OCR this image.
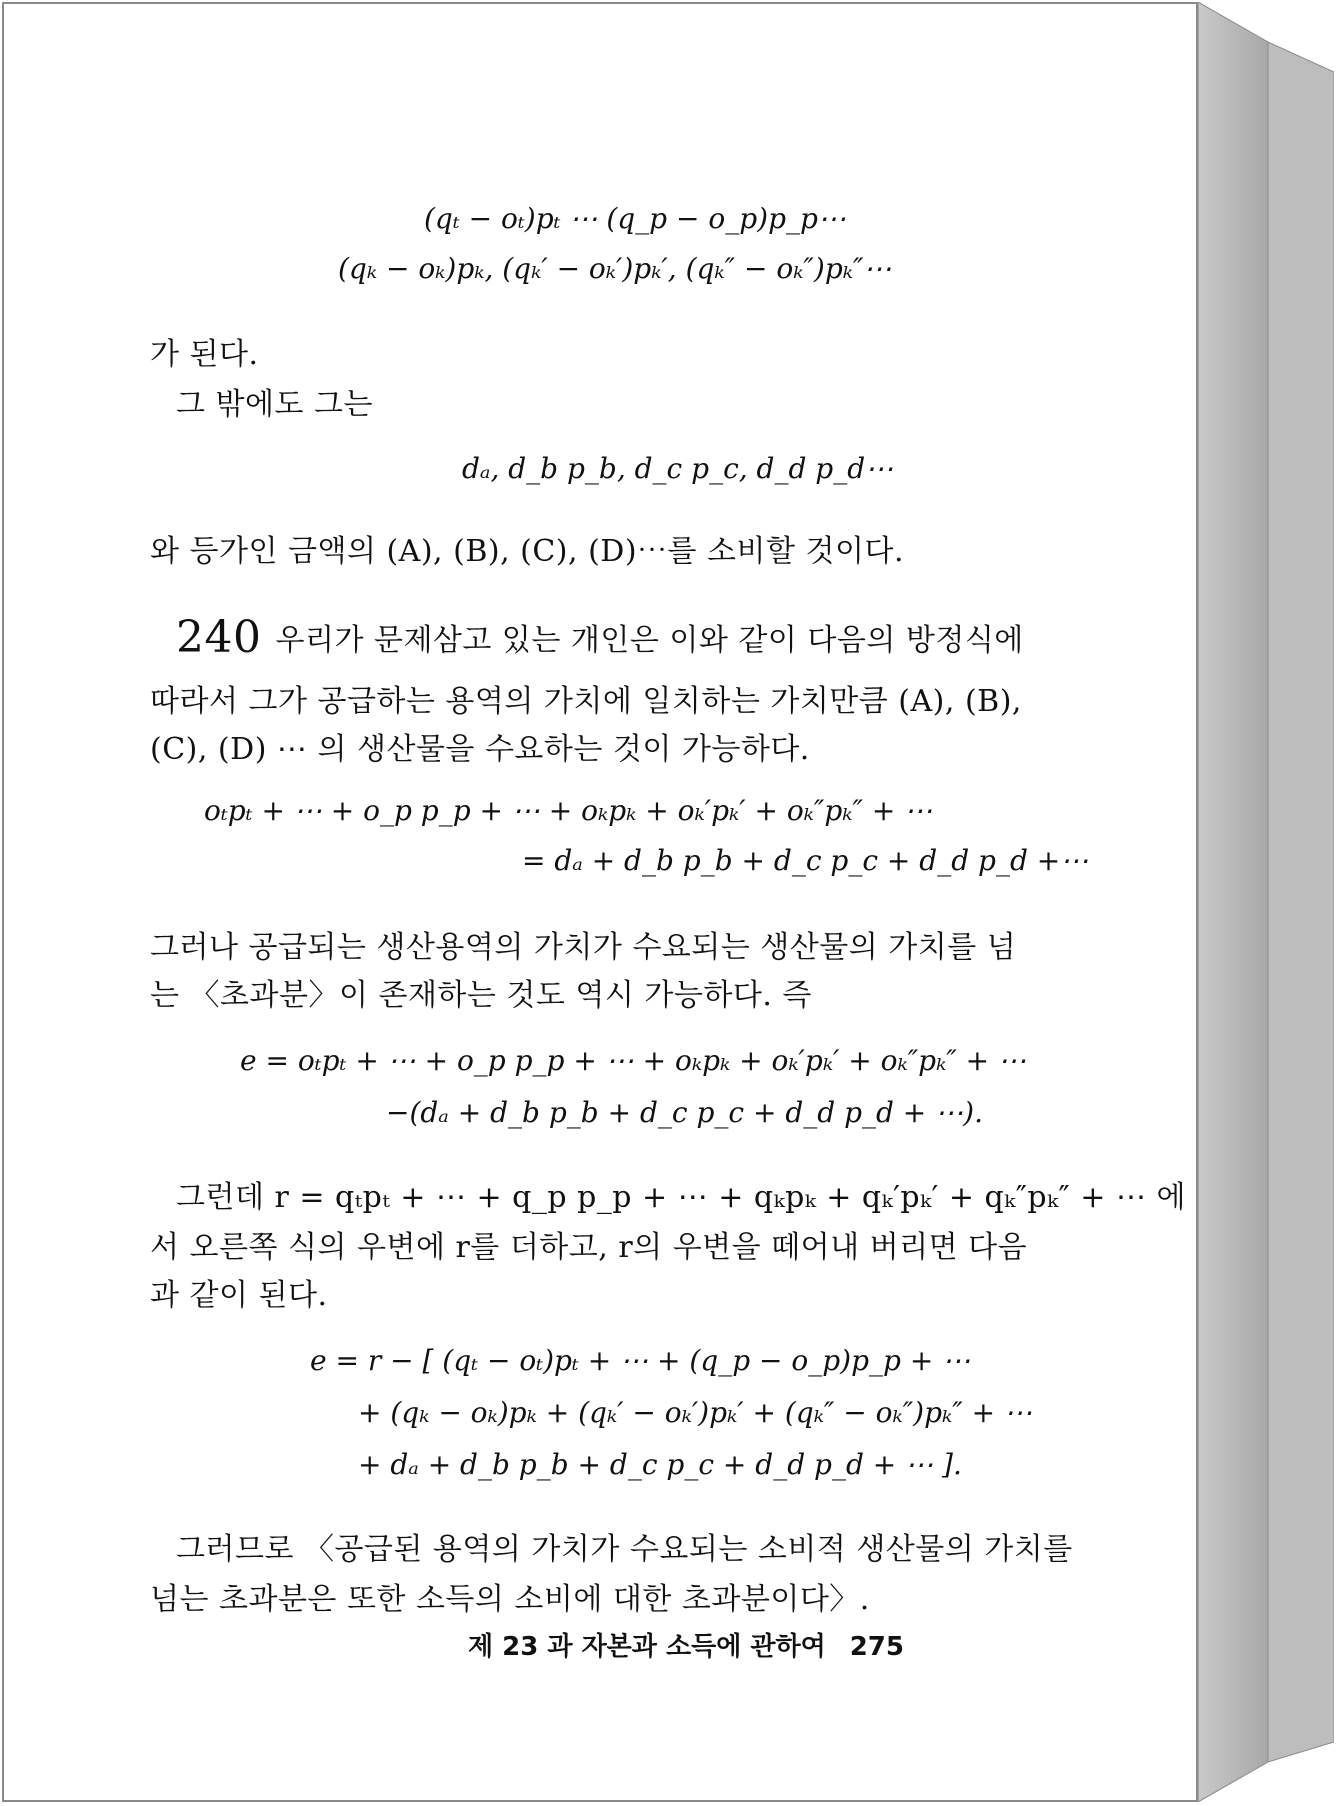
(qₜ − oₜ)pₜ ⋯ (q_p − o_p)p_p⋯
(qₖ − oₖ)pₖ, (qₖ′ − oₖ′)pₖ′, (qₖ″ − oₖ″)pₖ″⋯
가 된다.
그 밖에도 그는
dₐ, d_b p_b, d_c p_c, d_d p_d⋯
와 등가인 금액의 (A), (B), (C), (D)⋯를 소비할 것이다.
240 우리가 문제삼고 있는 개인은 이와 같이 다음의 방정식에
따라서 그가 공급하는 용역의 가치에 일치하는 가치만큼 (A), (B),
(C), (D) ⋯ 의 생산물을 수요하는 것이 가능하다.
oₜpₜ + ⋯ + o_p p_p + ⋯ + oₖpₖ + oₖ′pₖ′ + oₖ″pₖ″ + ⋯
= dₐ + d_b p_b + d_c p_c + d_d p_d +⋯
그러나 공급되는 생산용역의 가치가 수요되는 생산물의 가치를 넘
는 〈초과분〉이 존재하는 것도 역시 가능하다. 즉
e = oₜpₜ + ⋯ + o_p p_p + ⋯ + oₖpₖ + oₖ′pₖ′ + oₖ″pₖ″ + ⋯
−(dₐ + d_b p_b + d_c p_c + d_d p_d + ⋯).
그런데 r = qₜpₜ + ⋯ + q_p p_p + ⋯ + qₖpₖ + qₖ′pₖ′ + qₖ″pₖ″ + ⋯ 에
서 오른쪽 식의 우변에 r를 더하고, r의 우변을 떼어내 버리면 다음
과 같이 된다.
e = r − [ (qₜ − oₜ)pₜ + ⋯ + (q_p − o_p)p_p + ⋯
+ (qₖ − oₖ)pₖ + (qₖ′ − oₖ′)pₖ′ + (qₖ″ − oₖ″)pₖ″ + ⋯
+ dₐ + d_b p_b + d_c p_c + d_d p_d + ⋯ ].
그러므로 〈공급된 용역의 가치가 수요되는 소비적 생산물의 가치를
넘는 초과분은 또한 소득의 소비에 대한 초과분이다〉.
제 23 과 자본과 소득에 관하여 275
